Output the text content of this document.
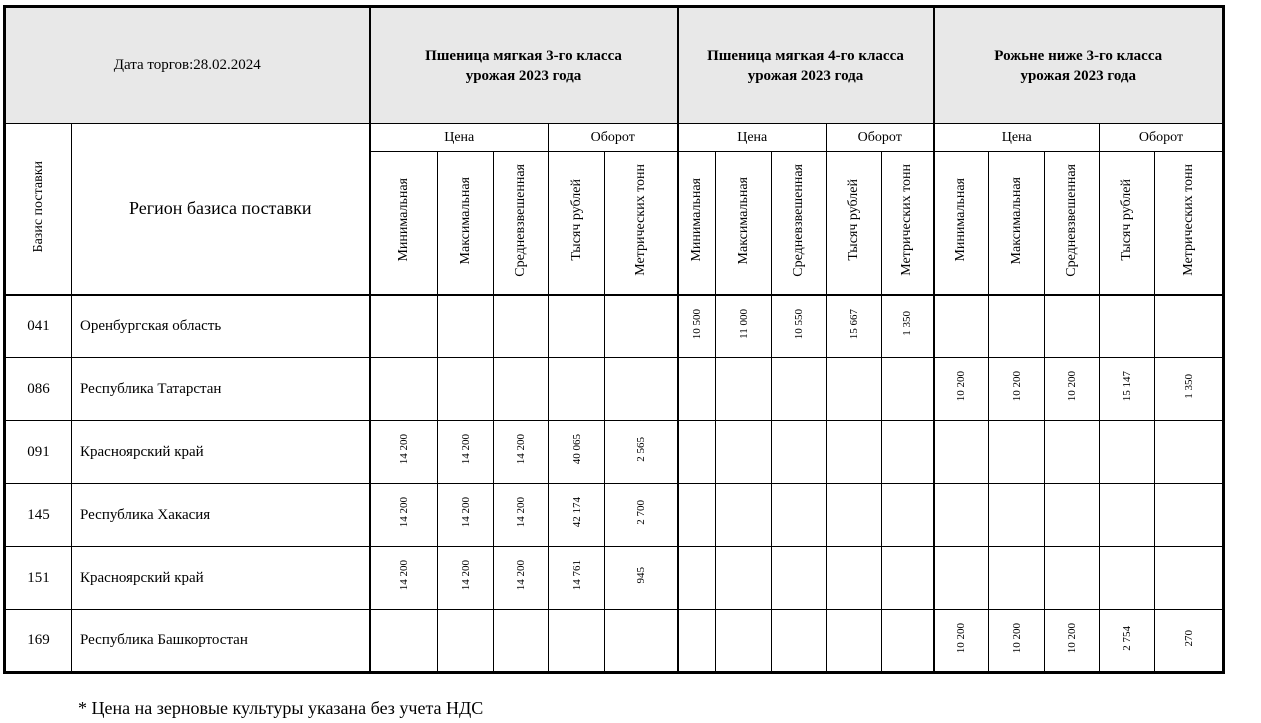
Дата торгов:28.02.2024		Пшеница мягкая 3-го класса
урожая 2023 года					Пшеница мягкая 4-го класса
урожая 2023 года					Рожьне ниже 3-го класса
урожая 2023 года				
Базис поставки	Регион базиса поставки	Цена			Оборот		Цена			Оборот		Цена			Оборот	
		Минимальная	Максимальная	Средневзвешенная	Тысяч рублей	Метрических тонн	Минимальная	Максимальная	Средневзвешенная	Тысяч рублей	Метрических тонн	Минимальная	Максимальная	Средневзвешенная	Тысяч рублей	Метрических тонн
041	Оренбургская область						10 500	11 000	10 550	15 667	1 350					
086	Республика Татарстан											10 200	10 200	10 200	15 147	1 350
091	Красноярский край	14 200	14 200	14 200	40 065	2 565										
145	Республика Хакасия	14 200	14 200	14 200	42 174	2 700										
151	Красноярский край	14 200	14 200	14 200	14 761	945										
169	Республика Башкортостан											10 200	10 200	10 200	2 754	270
* Цена на зерновые культуры указана без учета НДС
